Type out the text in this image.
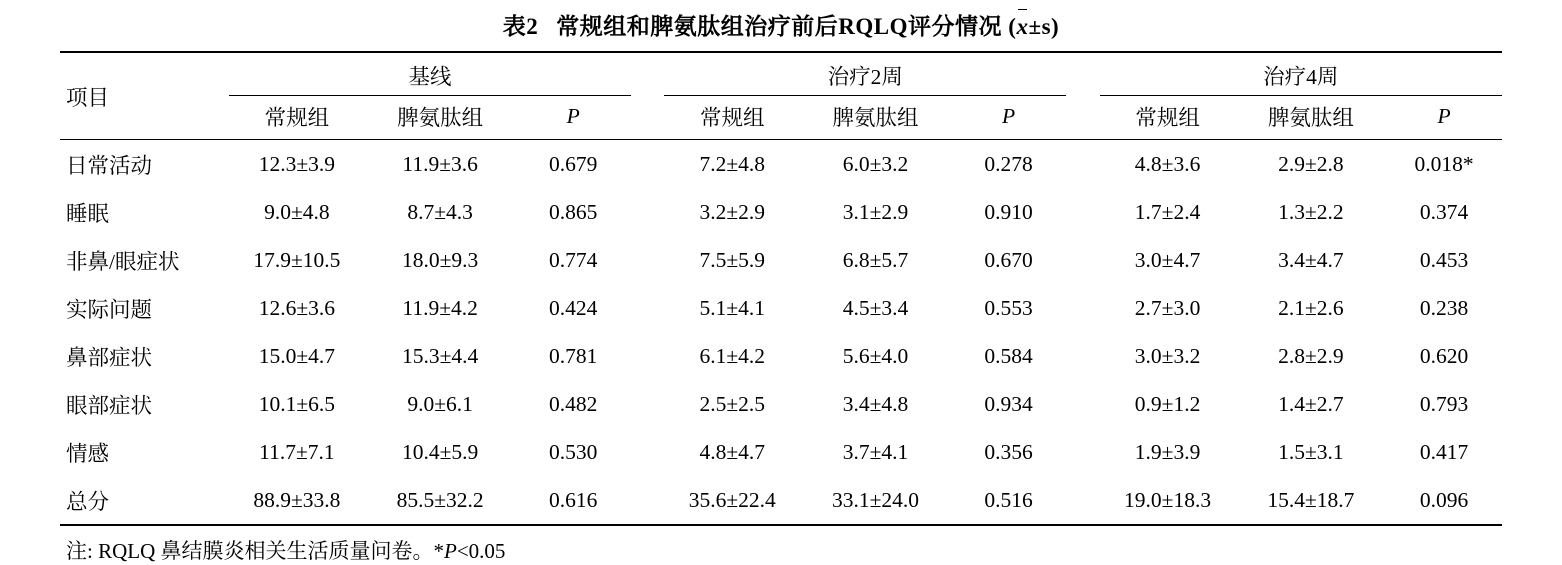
表2 常规组和脾氨肽组治疗前后RQLQ评分情况 (
x±s)
项目	基线				治疗2周				治疗4周		
	常规组	脾氨肽组	P		常规组	脾氨肽组	P		常规组	脾氨肽组	P
日常活动	12.3±3.9	11.9±3.6	0.679		7.2±4.8	6.0±3.2	0.278		4.8±3.6	2.9±2.8	0.018*
睡眠	9.0±4.8	8.7±4.3	0.865		3.2±2.9	3.1±2.9	0.910		1.7±2.4	1.3±2.2	0.374
非鼻/眼症状	17.9±10.5	18.0±9.3	0.774		7.5±5.9	6.8±5.7	0.670		3.0±4.7	3.4±4.7	0.453
实际问题	12.6±3.6	11.9±4.2	0.424		5.1±4.1	4.5±3.4	0.553		2.7±3.0	2.1±2.6	0.238
鼻部症状	15.0±4.7	15.3±4.4	0.781		6.1±4.2	5.6±4.0	0.584		3.0±3.2	2.8±2.9	0.620
眼部症状	10.1±6.5	9.0±6.1	0.482		2.5±2.5	3.4±4.8	0.934		0.9±1.2	1.4±2.7	0.793
情感	11.7±7.1	10.4±5.9	0.530		4.8±4.7	3.7±4.1	0.356		1.9±3.9	1.5±3.1	0.417
总分	88.9±33.8	85.5±32.2	0.616		35.6±22.4	33.1±24.0	0.516		19.0±18.3	15.4±18.7	0.096
注: RQLQ 鼻结膜炎相关生活质量问卷。*P<0.05
